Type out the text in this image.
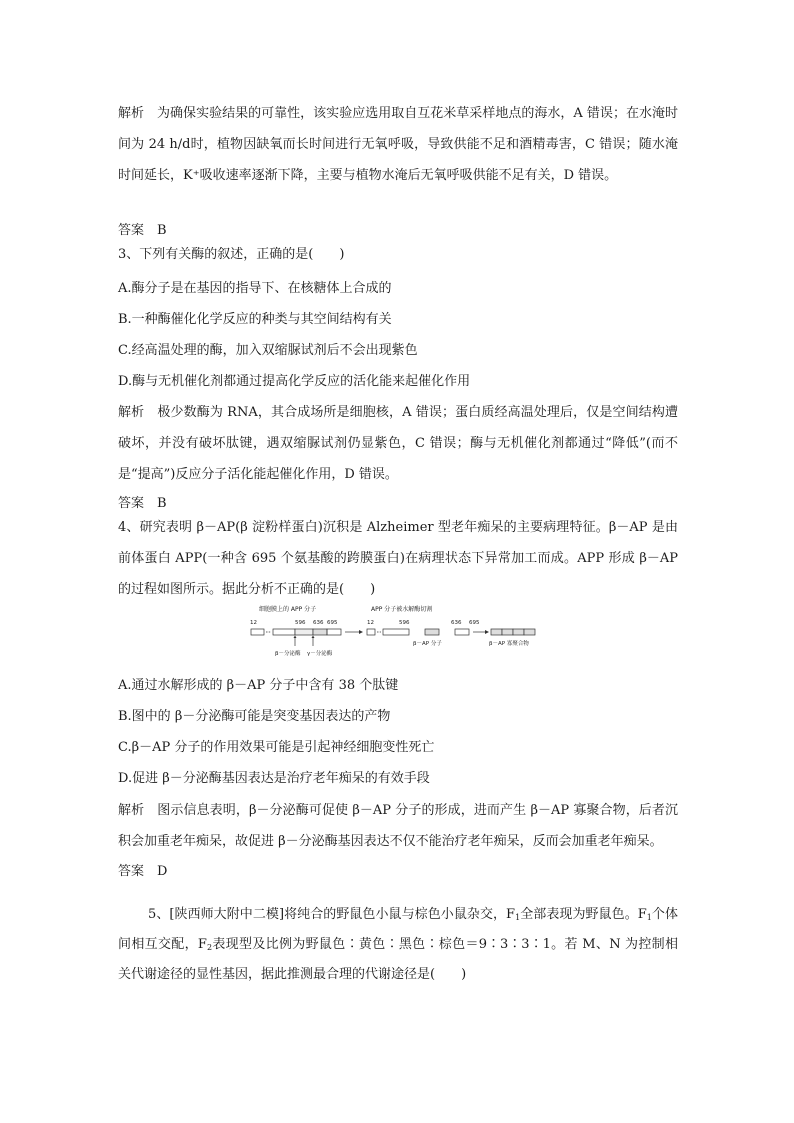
解析　为确保实验结果的可靠性，该实验应选用取自互花米草采样地点的海水，A 错误；在水淹时间为 24 h/d时，植物因缺氧而长时间进行无氧呼吸，导致供能不足和酒精毒害，C 错误；随水淹时间延长，K⁺吸收速率逐渐下降，主要与植物水淹后无氧呼吸供能不足有关，D 错误。
答案　B
3、下列有关酶的叙述，正确的是(　　)
A.酶分子是在基因的指导下、在核糖体上合成的
B.一种酶催化化学反应的种类与其空间结构有关
C.经高温处理的酶，加入双缩脲试剂后不会出现紫色
D.酶与无机催化剂都通过提高化学反应的活化能来起催化作用
解析　极少数酶为 RNA，其合成场所是细胞核，A 错误；蛋白质经高温处理后，仅是空间结构遭破坏，并没有破坏肽键，遇双缩脲试剂仍显紫色，C 错误；酶与无机催化剂都通过“降低”(而不是“提高”)反应分子活化能起催化作用，D 错误。
答案　B
4、研究表明 β－AP(β 淀粉样蛋白)沉积是 Alzheimer 型老年痴呆的主要病理特征。β－AP 是由前体蛋白 APP(一种含 695 个氨基酸的跨膜蛋白)在病理状态下异常加工而成。APP 形成 β－AP 的过程如图所示。据此分析不正确的是(　　)
细胞膜上的 APP 分子	APP 分子被水解酶切割
12	596 636 695
β－分泌酶 γ－分泌酶
12	596	636 695
β－AP 分子	β－AP 寡聚合物
A.通过水解形成的 β－AP 分子中含有 38 个肽键
B.图中的 β－分泌酶可能是突变基因表达的产物
C.β－AP 分子的作用效果可能是引起神经细胞变性死亡
D.促进 β－分泌酶基因表达是治疗老年痴呆的有效手段
解析　图示信息表明，β－分泌酶可促使 β－AP 分子的形成，进而产生 β－AP 寡聚合物，后者沉积会加重老年痴呆，故促进 β－分泌酶基因表达不仅不能治疗老年痴呆，反而会加重老年痴呆。
答案　D
5、[陕西师大附中二模]将纯合的野鼠色小鼠与棕色小鼠杂交，$F_1$全部表现为野鼠色。$F_1$个体间相互交配，$F_2$表现型及比例为野鼠色∶黄色∶黑色∶棕色＝9∶3∶3∶1。若 M、N 为控制相关代谢途径的显性基因，据此推测最合理的代谢途径是(　　)
